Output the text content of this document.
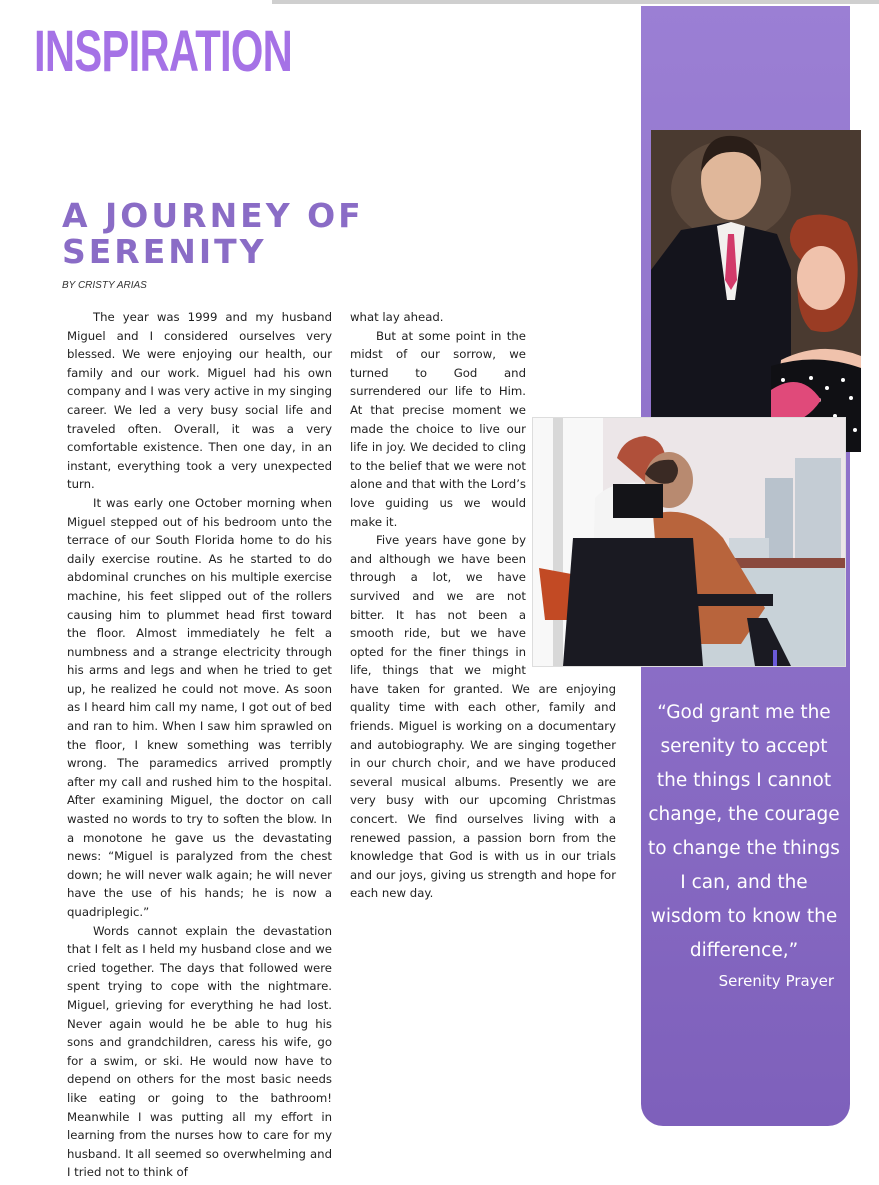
INSPIRATION
A JOURNEY OF
SERENITY

BY CRISTY ARIAS

The year was 1999 and my husband Miguel and I considered ourselves very blessed. We were enjoying our health, our family and our work. Miguel had his own company and I was very active in my singing career. We led a very busy social life and traveled often. Overall, it was a very comfortable existence. Then one day, in an instant, everything took a very unexpected turn.

It was early one October morning when Miguel stepped out of his bedroom unto the terrace of our South Florida home to do his daily exercise routine. As he started to do abdominal crunches on his multiple exercise machine, his feet slipped out of the rollers causing him to plummet head first toward the floor. Almost immediately he felt a numbness and a strange electricity through his arms and legs and when he tried to get up, he realized he could not move. As soon as I heard him call my name, I got out of bed and ran to him. When I saw him sprawled on the floor, I knew something was terribly wrong. The paramedics arrived promptly after my call and rushed him to the hospital. After examining Miguel, the doctor on call wasted no words to try to soften the blow. In a monotone he gave us the devastating news: “Miguel is paralyzed from the chest down; he will never walk again; he will never have the use of his hands; he is now a quadriplegic.”

Words cannot explain the devastation that I felt as I held my husband close and we cried together. The days that followed were spent trying to cope with the nightmare. Miguel, grieving for everything he had lost. Never again would he be able to hug his sons and grandchildren, caress his wife, go for a swim, or ski. He would now have to depend on others for the most basic needs like eating or going to the bathroom! Meanwhile I was putting all my effort in learning from the nurses how to care for my husband. It all seemed so overwhelming and I tried not to think of

what lay ahead.

But at some point in the midst of our sorrow, we turned to God and surrendered our life to Him. At that precise moment we made the choice to live our life in joy. We decided to cling to the belief that we were not alone and that with the Lord’s love guiding us we would make it.

Five years have gone by and although we have been through a lot, we have survived and we are not bitter. It has not been a smooth ride, but we have opted for the finer things in life, things that we might have taken for granted. We are enjoying quality time with each other, family and friends. Miguel is working on a documentary and autobiography. We are singing together in our church choir, and we have produced several musical albums. Presently we are very busy with our upcoming Christmas concert. We find ourselves living with a renewed passion, a passion born from the knowledge that God is with us in our trials and our joys, giving us strength and hope for each new day.

“God grant me the serenity to accept the things I cannot change, the courage to change the things I can, and the wisdom to know the difference,”

Serenity Prayer
